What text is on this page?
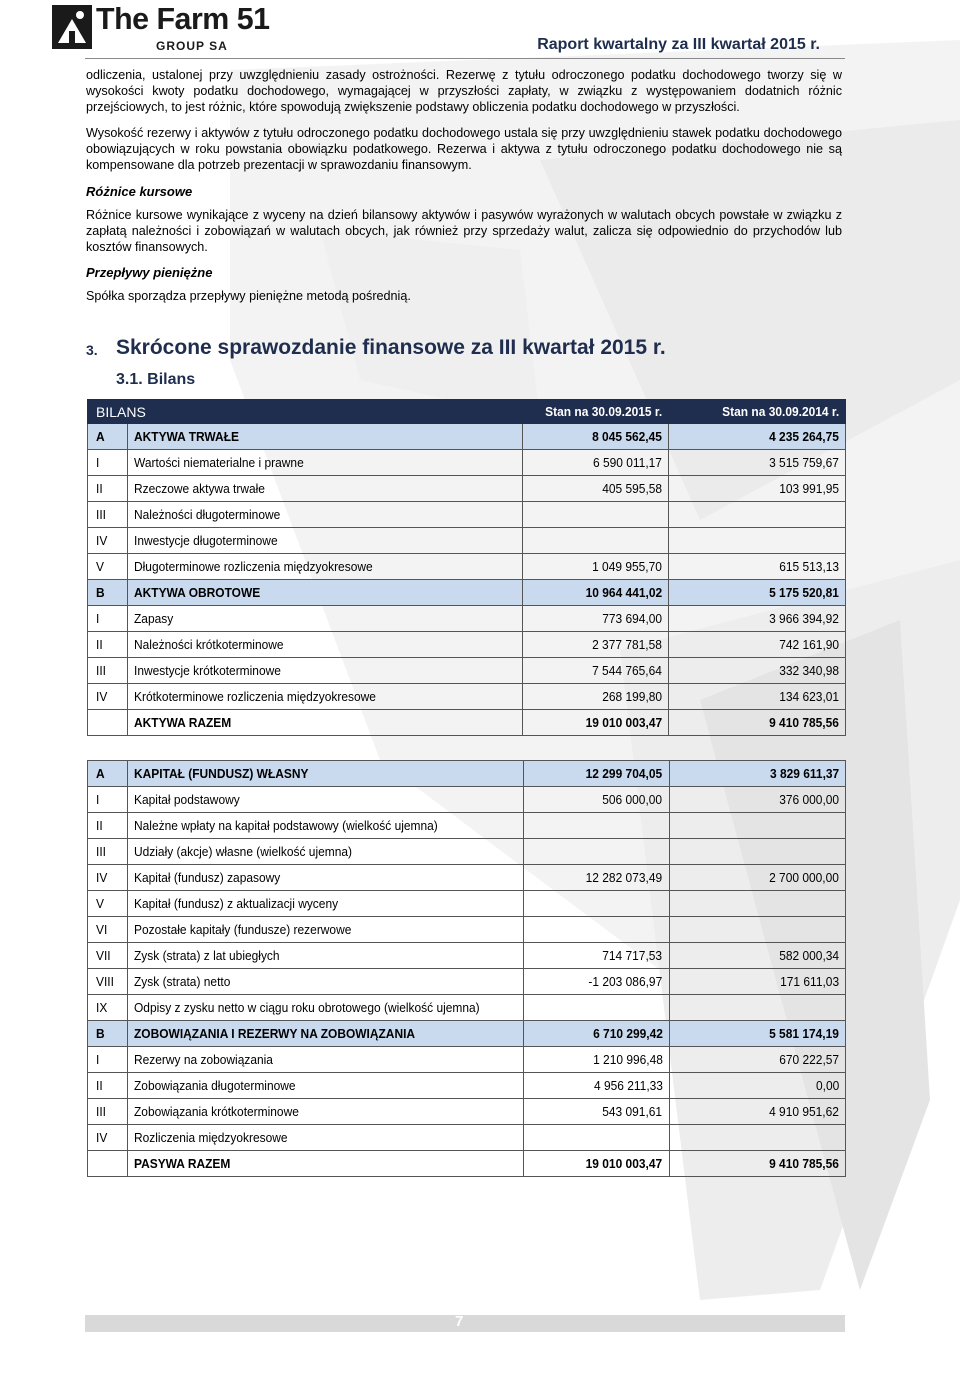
The Farm 51
GROUP SA	Raport kwartalny za III kwartał 2015 r.

odliczenia, ustalonej przy uwzględnieniu zasady ostrożności. Rezerwę z tytułu odroczonego podatku dochodowego tworzy się w wysokości kwoty podatku dochodowego, wymagającej w przyszłości zapłaty, w związku z występowaniem dodatnich różnic przejściowych, to jest różnic, które spowodują zwiększenie podstawy obliczenia podatku dochodowego w przyszłości.

Wysokość rezerwy i aktywów z tytułu odroczonego podatku dochodowego ustala się przy uwzględnieniu stawek podatku dochodowego obowiązujących w roku powstania obowiązku podatkowego. Rezerwa i aktywa z tytułu odroczonego podatku dochodowego nie są kompensowane dla potrzeb prezentacji w sprawozdaniu finansowym.

Różnice kursowe

Różnice kursowe wynikające z wyceny na dzień bilansowy aktywów i pasywów wyrażonych w walutach obcych powstałe w związku z zapłatą należności i zobowiązań w walutach obcych, jak również przy sprzedaży walut, zalicza się odpowiednio do przychodów lub kosztów finansowych.

Przepływy pieniężne

Spółka sporządza przepływy pieniężne metodą pośrednią.

3. Skrócone sprawozdanie finansowe za III kwartał 2015 r.
3.1. Bilans
BILANS		Stan na 30.09.2015 r.	Stan na 30.09.2014 r.
A	AKTYWA TRWAŁE	8 045 562,45	4 235 264,75
I	Wartości niematerialne i prawne	6 590 011,17	3 515 759,67
II	Rzeczowe aktywa trwałe	405 595,58	103 991,95
III	Należności długoterminowe		
IV	Inwestycje długoterminowe		
V	Długoterminowe rozliczenia międzyokresowe	1 049 955,70	615 513,13
B	AKTYWA OBROTOWE	10 964 441,02	5 175 520,81
I	Zapasy	773 694,00	3 966 394,92
II	Należności krótkoterminowe	2 377 781,58	742 161,90
III	Inwestycje krótkoterminowe	7 544 765,64	332 340,98
IV	Krótkoterminowe rozliczenia międzyokresowe	268 199,80	134 623,01
	AKTYWA RAZEM	19 010 003,47	9 410 785,56
A	KAPITAŁ (FUNDUSZ) WŁASNY	12 299 704,05	3 829 611,37
I	Kapitał podstawowy	506 000,00	376 000,00
II	Należne wpłaty na kapitał podstawowy (wielkość ujemna)		
III	Udziały (akcje) własne (wielkość ujemna)		
IV	Kapitał (fundusz) zapasowy	12 282 073,49	2 700 000,00
V	Kapitał (fundusz) z aktualizacji wyceny		
VI	Pozostałe kapitały (fundusze) rezerwowe		
VII	Zysk (strata) z lat ubiegłych	714 717,53	582 000,34
VIII	Zysk (strata) netto	-1 203 086,97	171 611,03
IX	Odpisy z zysku netto w ciągu roku obrotowego (wielkość ujemna)		
B	ZOBOWIĄZANIA I REZERWY NA ZOBOWIĄZANIA	6 710 299,42	5 581 174,19
I	Rezerwy na zobowiązania	1 210 996,48	670 222,57
II	Zobowiązania długoterminowe	4 956 211,33	0,00
III	Zobowiązania krótkoterminowe	543 091,61	4 910 951,62
IV	Rozliczenia międzyokresowe		
	PASYWA RAZEM	19 010 003,47	9 410 785,56
7
